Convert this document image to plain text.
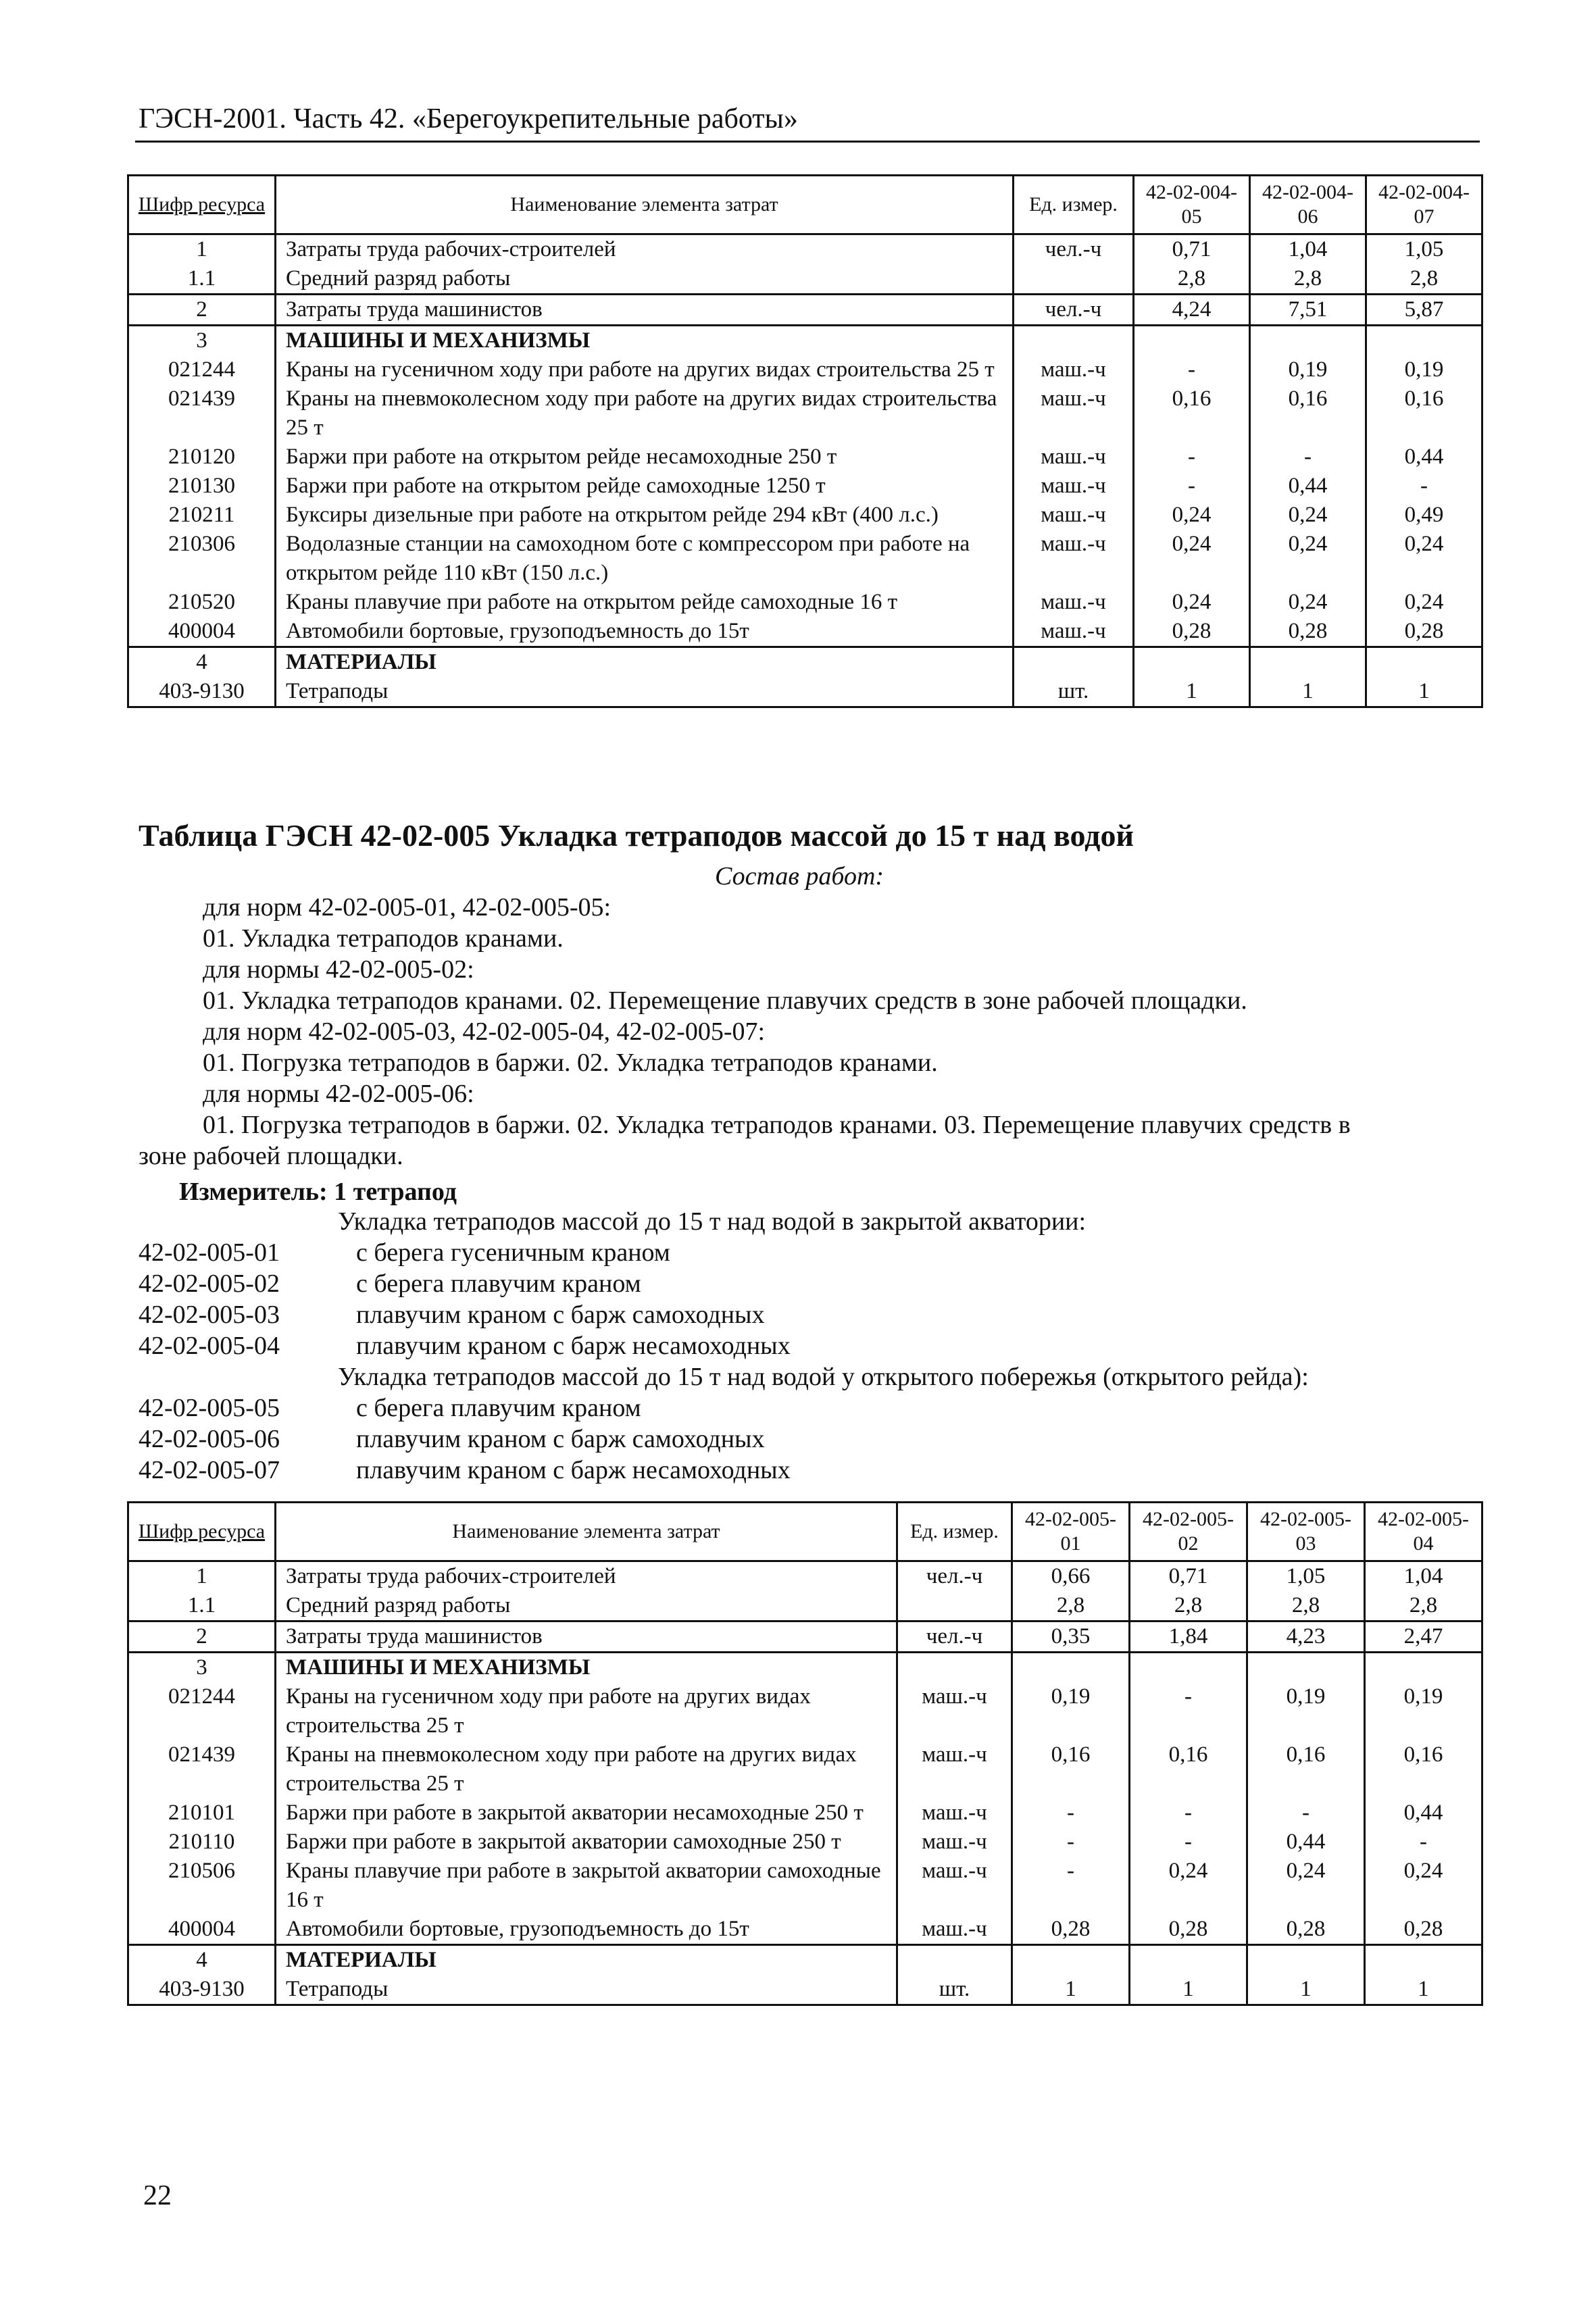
ГЭСН-2001. Часть 42. «Берегоукрепительные работы»
Шифр ресурса	Наименование элемента затрат	Ед. измер.	42-02-004-05	42-02-004-06	42-02-004-07
1	Затраты труда рабочих-строителей	чел.-ч	0,71	1,04	1,05
1.1	Средний разряд работы		2,8	2,8	2,8
2	Затраты труда машинистов	чел.-ч	4,24	7,51	5,87
3	МАШИНЫ И МЕХАНИЗМЫ				
021244	Краны на гусеничном ходу при работе на других видах строительства 25 т	маш.-ч	-	0,19	0,19
021439	Краны на пневмоколесном ходу при работе на других видах строительства 25 т	маш.-ч	0,16	0,16	0,16
210120	Баржи при работе на открытом рейде несамоходные 250 т	маш.-ч	-	-	0,44
210130	Баржи при работе на открытом рейде самоходные 1250 т	маш.-ч	-	0,44	-
210211	Буксиры дизельные при работе на открытом рейде 294 кВт (400 л.с.)	маш.-ч	0,24	0,24	0,49
210306	Водолазные станции на самоходном боте с компрессором при работе на открытом рейде 110 кВт (150 л.с.)	маш.-ч	0,24	0,24	0,24
210520	Краны плавучие при работе на открытом рейде самоходные 16 т	маш.-ч	0,24	0,24	0,24
400004	Автомобили бортовые, грузоподъемность до 15т	маш.-ч	0,28	0,28	0,28
4	МАТЕРИАЛЫ				
403-9130	Тетраподы	шт.	1	1	1
Таблица ГЭСН 42-02-005 Укладка тетраподов массой до 15 т над водой
Состав работ:
для норм 42-02-005-01, 42-02-005-05:
01. Укладка тетраподов кранами.
для нормы 42-02-005-02:
01. Укладка тетраподов кранами. 02. Перемещение плавучих средств в зоне рабочей площадки.
для норм 42-02-005-03, 42-02-005-04, 42-02-005-07:
01. Погрузка тетраподов в баржи. 02. Укладка тетраподов кранами.
для нормы 42-02-005-06:
01. Погрузка тетраподов в баржи. 02. Укладка тетраподов кранами. 03. Перемещение плавучих средств в
зоне рабочей площадки.
Измеритель: 1 тетрапод
Укладка тетраподов массой до 15 т над водой в закрытой акватории:
42-02-005-01	с берега гусеничным краном
42-02-005-02	с берега плавучим краном
42-02-005-03	плавучим краном с барж самоходных
42-02-005-04	плавучим краном с барж несамоходных
Укладка тетраподов массой до 15 т над водой у открытого побережья (открытого рейда):
42-02-005-05	с берега плавучим краном
42-02-005-06	плавучим краном с барж самоходных
42-02-005-07	плавучим краном с барж несамоходных
Шифр ресурса	Наименование элемента затрат	Ед. измер.	42-02-005-01	42-02-005-02	42-02-005-03	42-02-005-04
1	Затраты труда рабочих-строителей	чел.-ч	0,66	0,71	1,05	1,04
1.1	Средний разряд работы		2,8	2,8	2,8	2,8
2	Затраты труда машинистов	чел.-ч	0,35	1,84	4,23	2,47
3	МАШИНЫ И МЕХАНИЗМЫ					
021244	Краны на гусеничном ходу при работе на других видах строительства 25 т	маш.-ч	0,19	-	0,19	0,19
021439	Краны на пневмоколесном ходу при работе на других видах строительства 25 т	маш.-ч	0,16	0,16	0,16	0,16
210101	Баржи при работе в закрытой акватории несамоходные 250 т	маш.-ч	-	-	-	0,44
210110	Баржи при работе в закрытой акватории самоходные 250 т	маш.-ч	-	-	0,44	-
210506	Краны плавучие при работе в закрытой акватории самоходные 16 т	маш.-ч	-	0,24	0,24	0,24
400004	Автомобили бортовые, грузоподъемность до 15т	маш.-ч	0,28	0,28	0,28	0,28
4	МАТЕРИАЛЫ					
403-9130	Тетраподы	шт.	1	1	1	1
22
